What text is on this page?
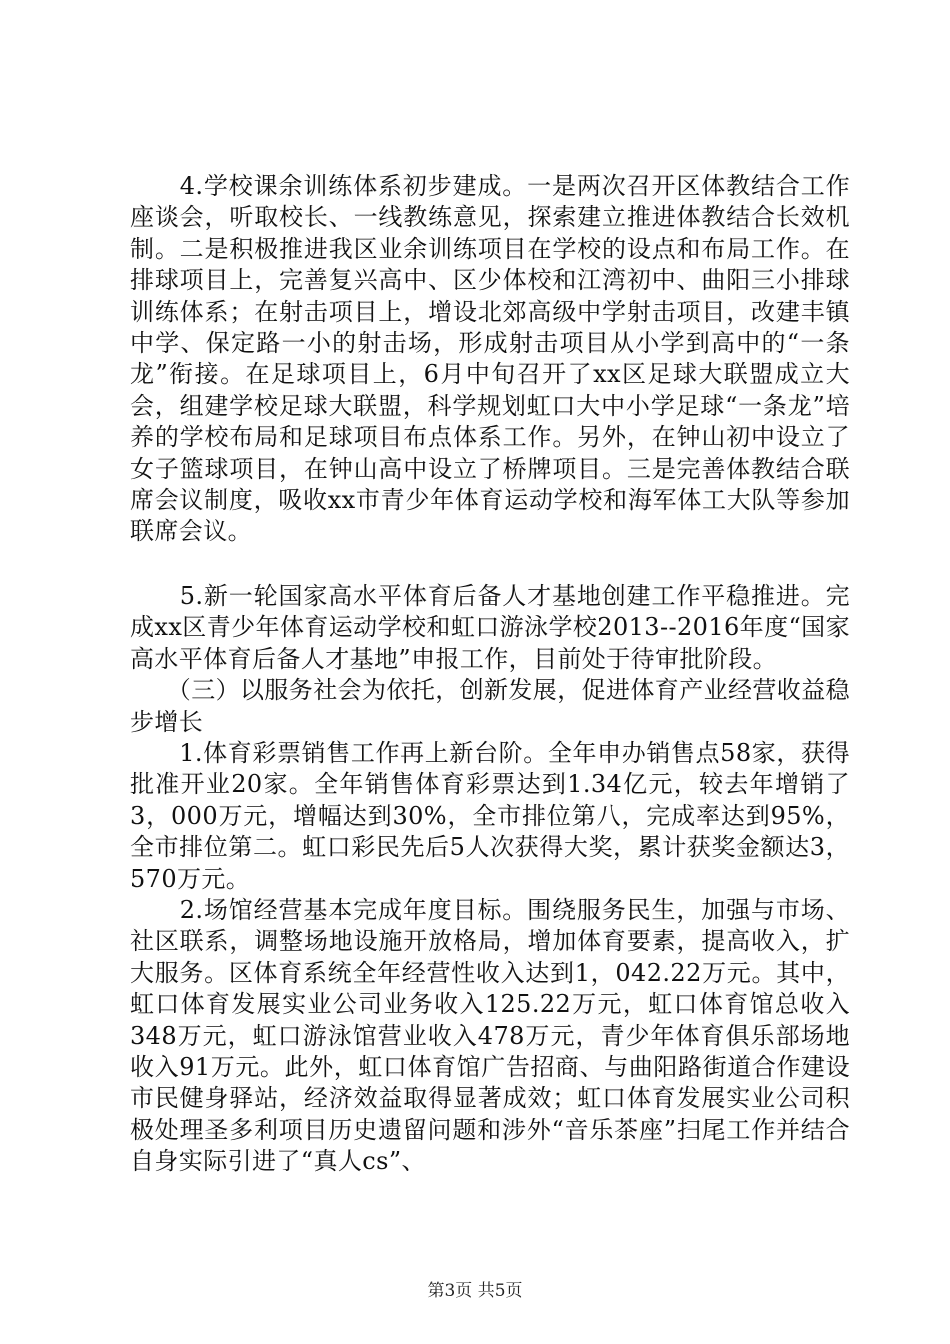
　　4.学校课余训练体系初步建成。一是两次召开区体教结合工作座谈会，听取校长、一线教练意见，探索建立推进体教结合长效机制。二是积极推进我区业余训练项目在学校的设点和布局工作。在排球项目上，完善复兴高中、区少体校和江湾初中、曲阳三小排球训练体系；在射击项目上，增设北郊高级中学射击项目，改建丰镇中学、保定路一小的射击场，形成射击项目从小学到高中的“一条龙”衔接。在足球项目上，6月中旬召开了xx区足球大联盟成立大会，组建学校足球大联盟，科学规划虹口大中小学足球“一条龙”培养的学校布局和足球项目布点体系工作。另外，在钟山初中设立了女子篮球项目，在钟山高中设立了桥牌项目。三是完善体教结合联席会议制度，吸收xx市青少年体育运动学校和海军体工大队等参加联席会议。

　　5.新一轮国家高水平体育后备人才基地创建工作平稳推进。完成xx区青少年体育运动学校和虹口游泳学校2013--2016年度“国家高水平体育后备人才基地”申报工作，目前处于待审批阶段。

　　（三）以服务社会为依托，创新发展，促进体育产业经营收益稳步增长

　　1.体育彩票销售工作再上新台阶。全年申办销售点58家，获得批准开业20家。全年销售体育彩票达到1.34亿元，较去年增销了3，000万元，增幅达到30%，全市排位第八，完成率达到95%，全市排位第二。虹口彩民先后5人次获得大奖，累计获奖金额达3，570万元。

　　2.场馆经营基本完成年度目标。围绕服务民生，加强与市场、社区联系，调整场地设施开放格局，增加体育要素，提高收入，扩大服务。区体育系统全年经营性收入达到1，042.22万元。其中，虹口体育发展实业公司业务收入125.22万元，虹口体育馆总收入348万元，虹口游泳馆营业收入478万元，青少年体育俱乐部场地收入91万元。此外，虹口体育馆广告招商、与曲阳路街道合作建设市民健身驿站，经济效益取得显著成效；虹口体育发展实业公司积极处理圣多利项目历史遗留问题和涉外“音乐茶座”扫尾工作并结合自身实际引进了“真人cs”、

第3页 共5页
